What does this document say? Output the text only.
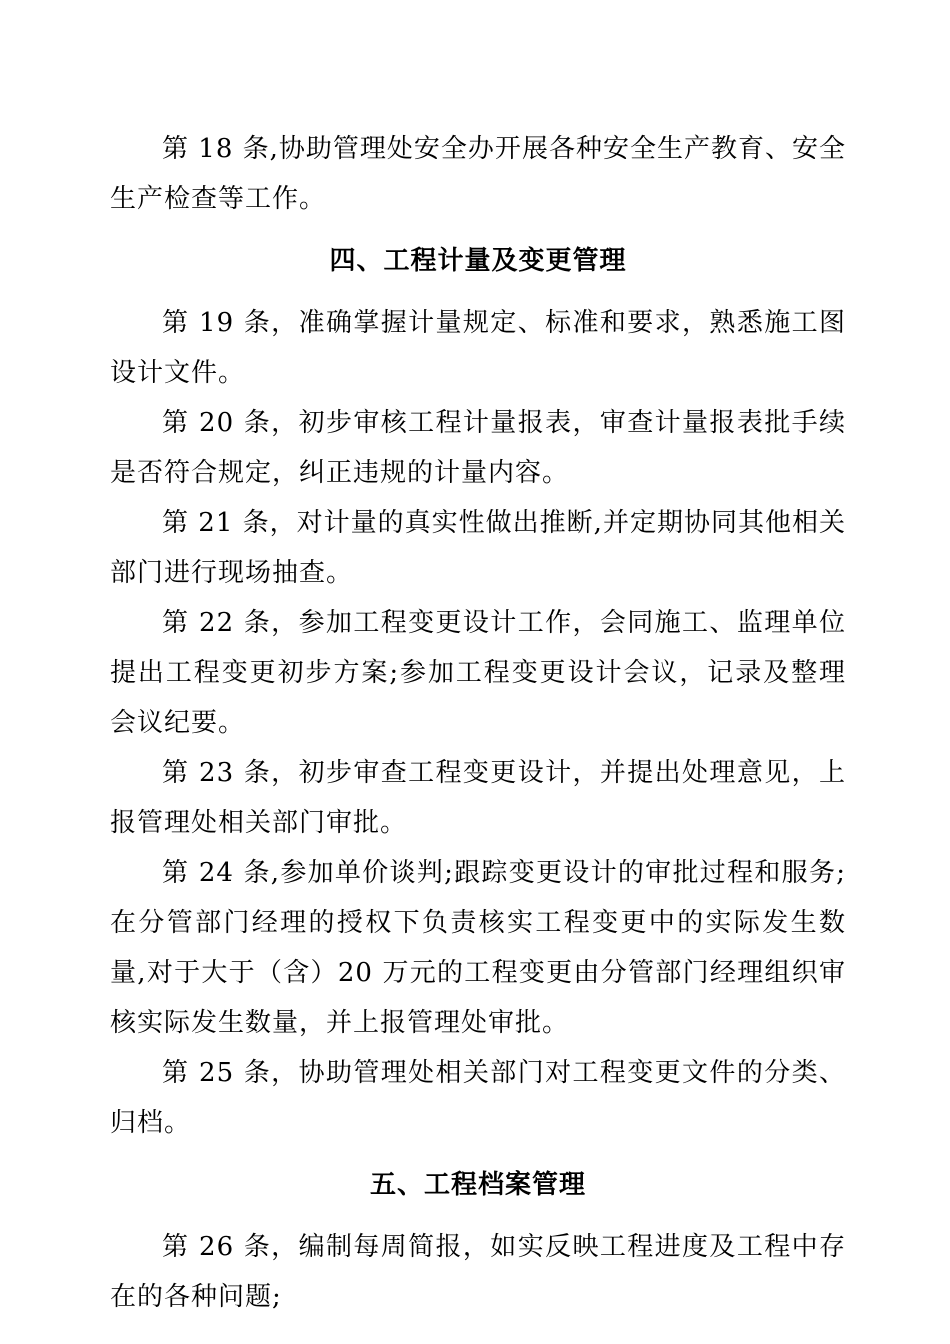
第 18 条,协助管理处安全办开展各种安全生产教育、安全生产检查等工作。

四、工程计量及变更管理

第 19 条，准确掌握计量规定、标准和要求，熟悉施工图设计文件。

第 20 条，初步审核工程计量报表，审查计量报表批手续是否符合规定，纠正违规的计量内容。

第 21 条，对计量的真实性做出推断,并定期协同其他相关部门进行现场抽查。

第 22 条，参加工程变更设计工作，会同施工、监理单位提出工程变更初步方案;参加工程变更设计会议，记录及整理会议纪要。

第 23 条，初步审查工程变更设计，并提出处理意见，上报管理处相关部门审批。

第 24 条,参加单价谈判;跟踪变更设计的审批过程和服务;在分管部门经理的授权下负责核实工程变更中的实际发生数量,对于大于（含）20 万元的工程变更由分管部门经理组织审核实际发生数量，并上报管理处审批。

第 25 条，协助管理处相关部门对工程变更文件的分类、归档。

五、工程档案管理

第 26 条，编制每周简报，如实反映工程进度及工程中存在的各种问题;
